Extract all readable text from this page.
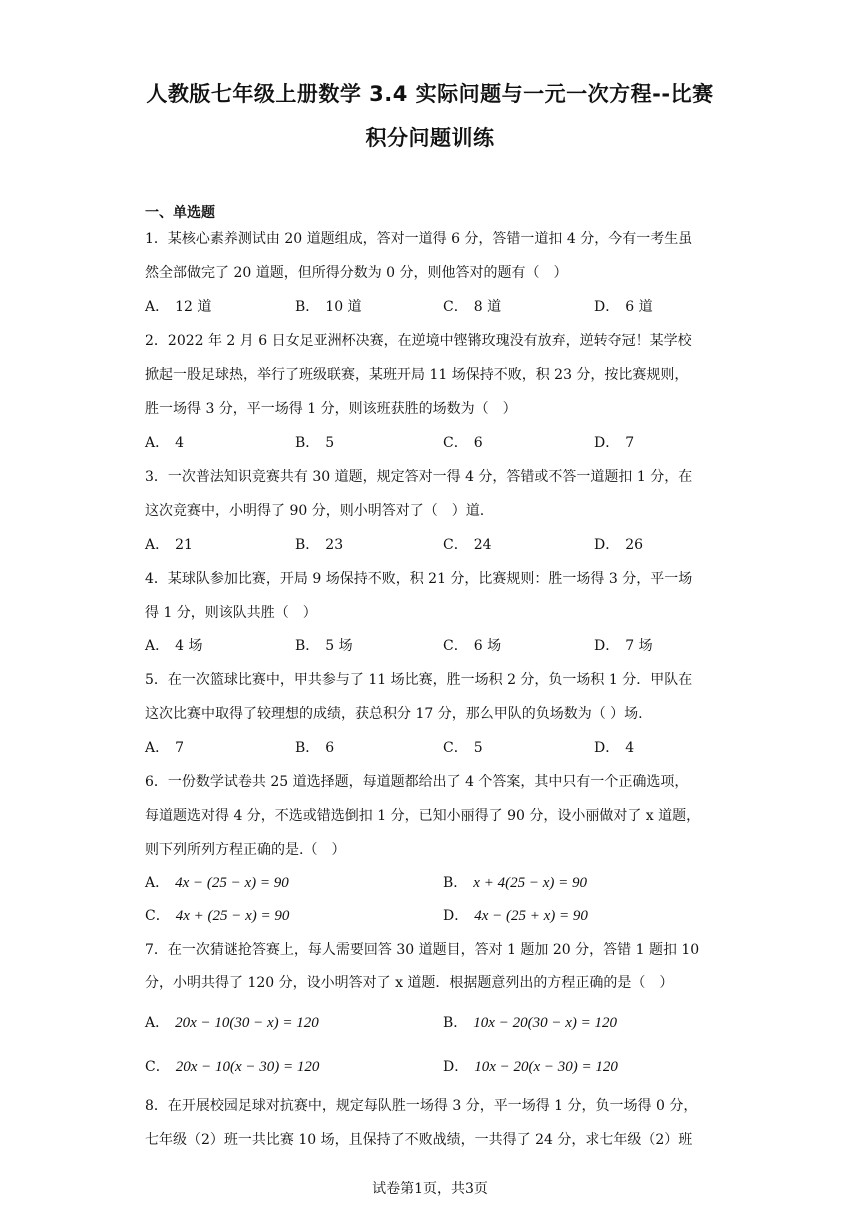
人教版七年级上册数学 3.4 实际问题与一元一次方程--比赛
积分问题训练
一、单选题
1．某核心素养测试由 20 道题组成，答对一道得 6 分，答错一道扣 4 分，今有一考生虽
然全部做完了 20 道题，但所得分数为 0 分，则他答对的题有（　）
A． 12 道	B． 10 道	C． 8 道	D． 6 道
2．2022 年 2 月 6 日女足亚洲杯决赛，在逆境中铿锵玫瑰没有放弃，逆转夺冠！某学校
掀起一股足球热，举行了班级联赛，某班开局 11 场保持不败，积 23 分，按比赛规则，
胜一场得 3 分，平一场得 1 分，则该班获胜的场数为（　）
A． 4	B． 5	C． 6	D． 7
3．一次普法知识竞赛共有 30 道题，规定答对一得 4 分，答错或不答一道题扣 1 分，在
这次竞赛中，小明得了 90 分，则小明答对了（　）道.
A． 21	B． 23	C． 24	D． 26
4．某球队参加比赛，开局 9 场保持不败，积 21 分，比赛规则：胜一场得 3 分，平一场
得 1 分，则该队共胜（　）
A． 4 场	B． 5 场	C． 6 场	D． 7 场
5．在一次篮球比赛中，甲共参与了 11 场比赛，胜一场积 2 分，负一场积 1 分．甲队在
这次比赛中取得了较理想的成绩，获总积分 17 分，那么甲队的负场数为（ ）场.
A． 7	B． 6	C． 5	D． 4
6．一份数学试卷共 25 道选择题，每道题都给出了 4 个答案，其中只有一个正确选项，
每道题选对得 4 分，不选或错选倒扣 1 分，已知小丽得了 90 分，设小丽做对了 x 道题，
则下列所列方程正确的是.（　）
A． 4x − (25 − x) = 90	B． x + 4(25 − x) = 90
C． 4x + (25 − x) = 90	D． 4x − (25 + x) = 90
7．在一次猜谜抢答赛上，每人需要回答 30 道题目，答对 1 题加 20 分，答错 1 题扣 10
分，小明共得了 120 分，设小明答对了 x 道题．根据题意列出的方程正确的是（　）
A． 20x − 10(30 − x) = 120	B． 10x − 20(30 − x) = 120
C． 20x − 10(x − 30) = 120	D． 10x − 20(x − 30) = 120
8．在开展校园足球对抗赛中，规定每队胜一场得 3 分，平一场得 1 分，负一场得 0 分，
七年级（2）班一共比赛 10 场，且保持了不败战绩，一共得了 24 分，求七年级（2）班
试卷第1页，共3页
